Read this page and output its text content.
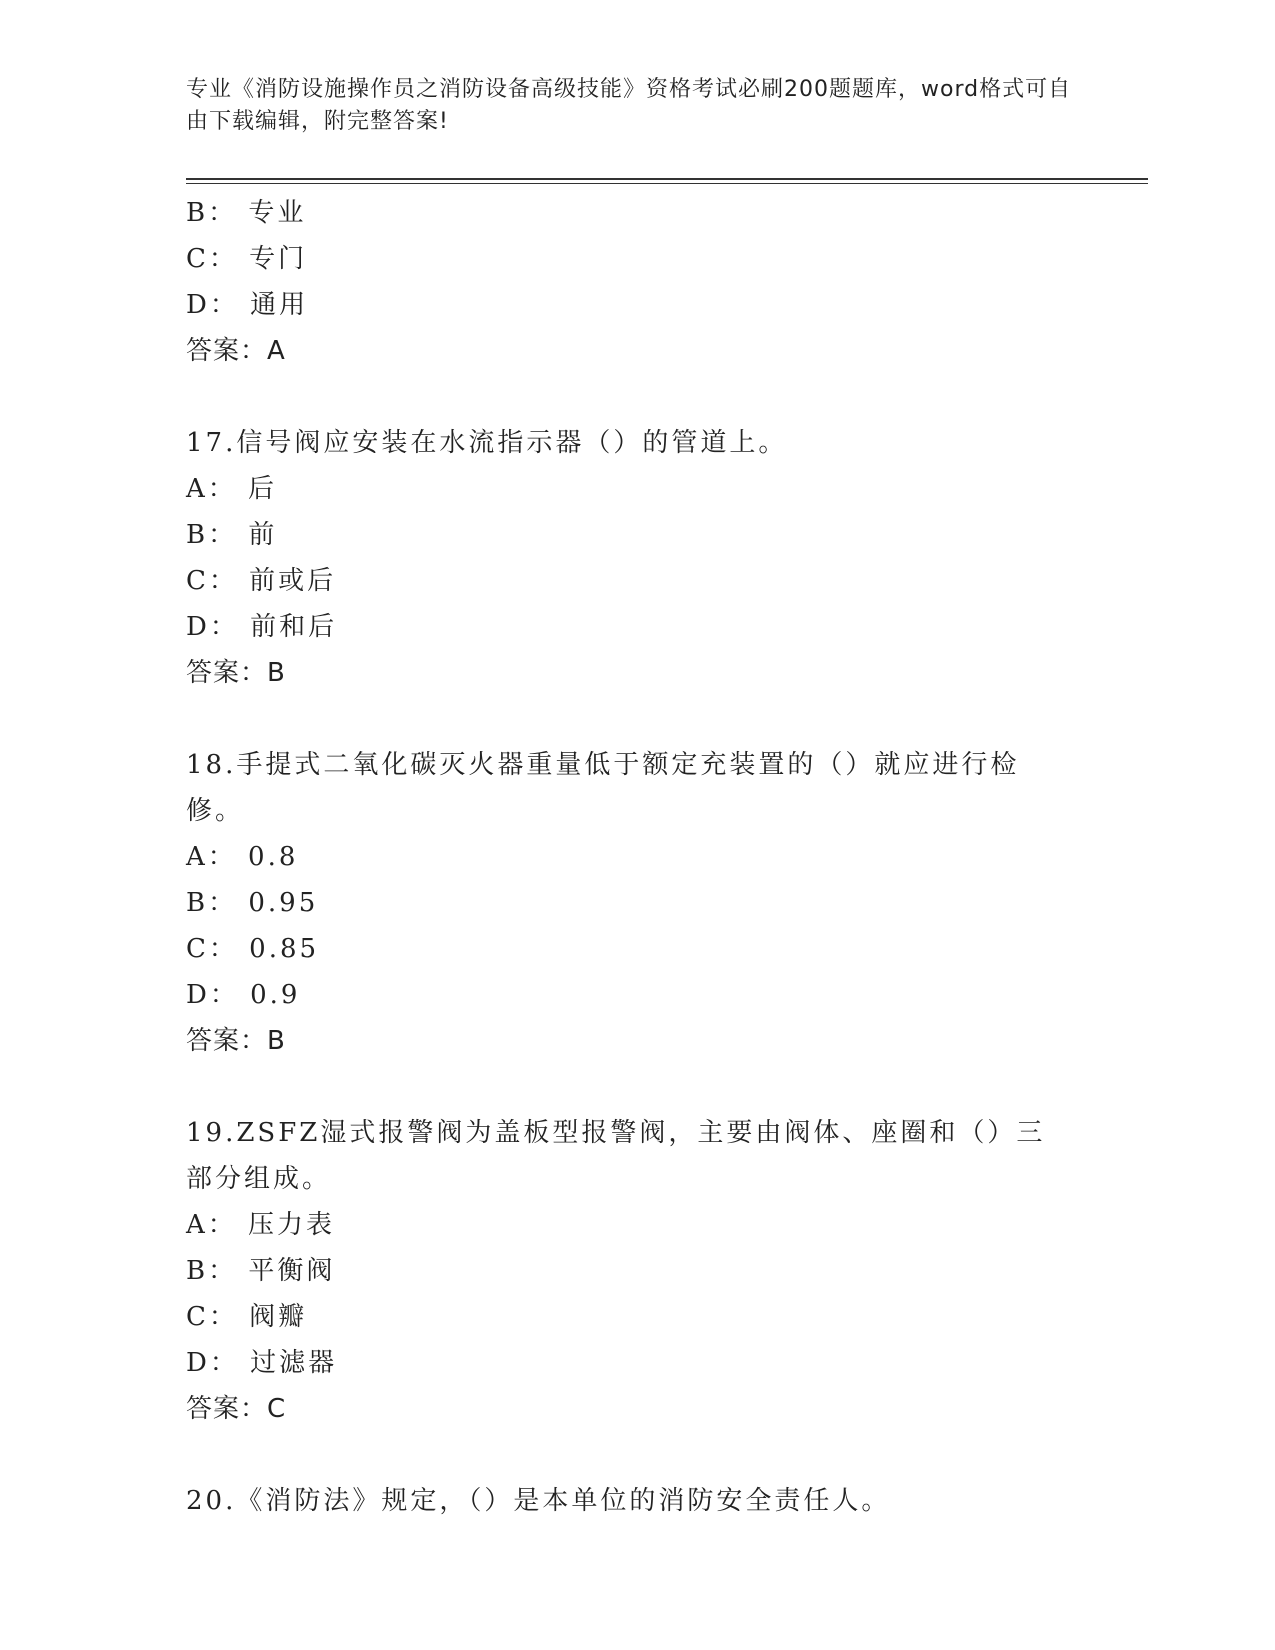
专业《消防设施操作员之消防设备高级技能》资格考试必刷200题题库，word格式可自由下载编辑，附完整答案!
B： 专业
C： 专门
D： 通用
答案：A
17.信号阀应安装在水流指示器（）的管道上。
A： 后
B： 前
C： 前或后
D： 前和后
答案：B
18.手提式二氧化碳灭火器重量低于额定充装置的（）就应进行检修。
A： 0.8
B： 0.95
C： 0.85
D： 0.9
答案：B
19.ZSFZ湿式报警阀为盖板型报警阀，主要由阀体、座圈和（）三部分组成。
A： 压力表
B： 平衡阀
C： 阀瓣
D： 过滤器
答案：C
20.《消防法》规定，（）是本单位的消防安全责任人。
